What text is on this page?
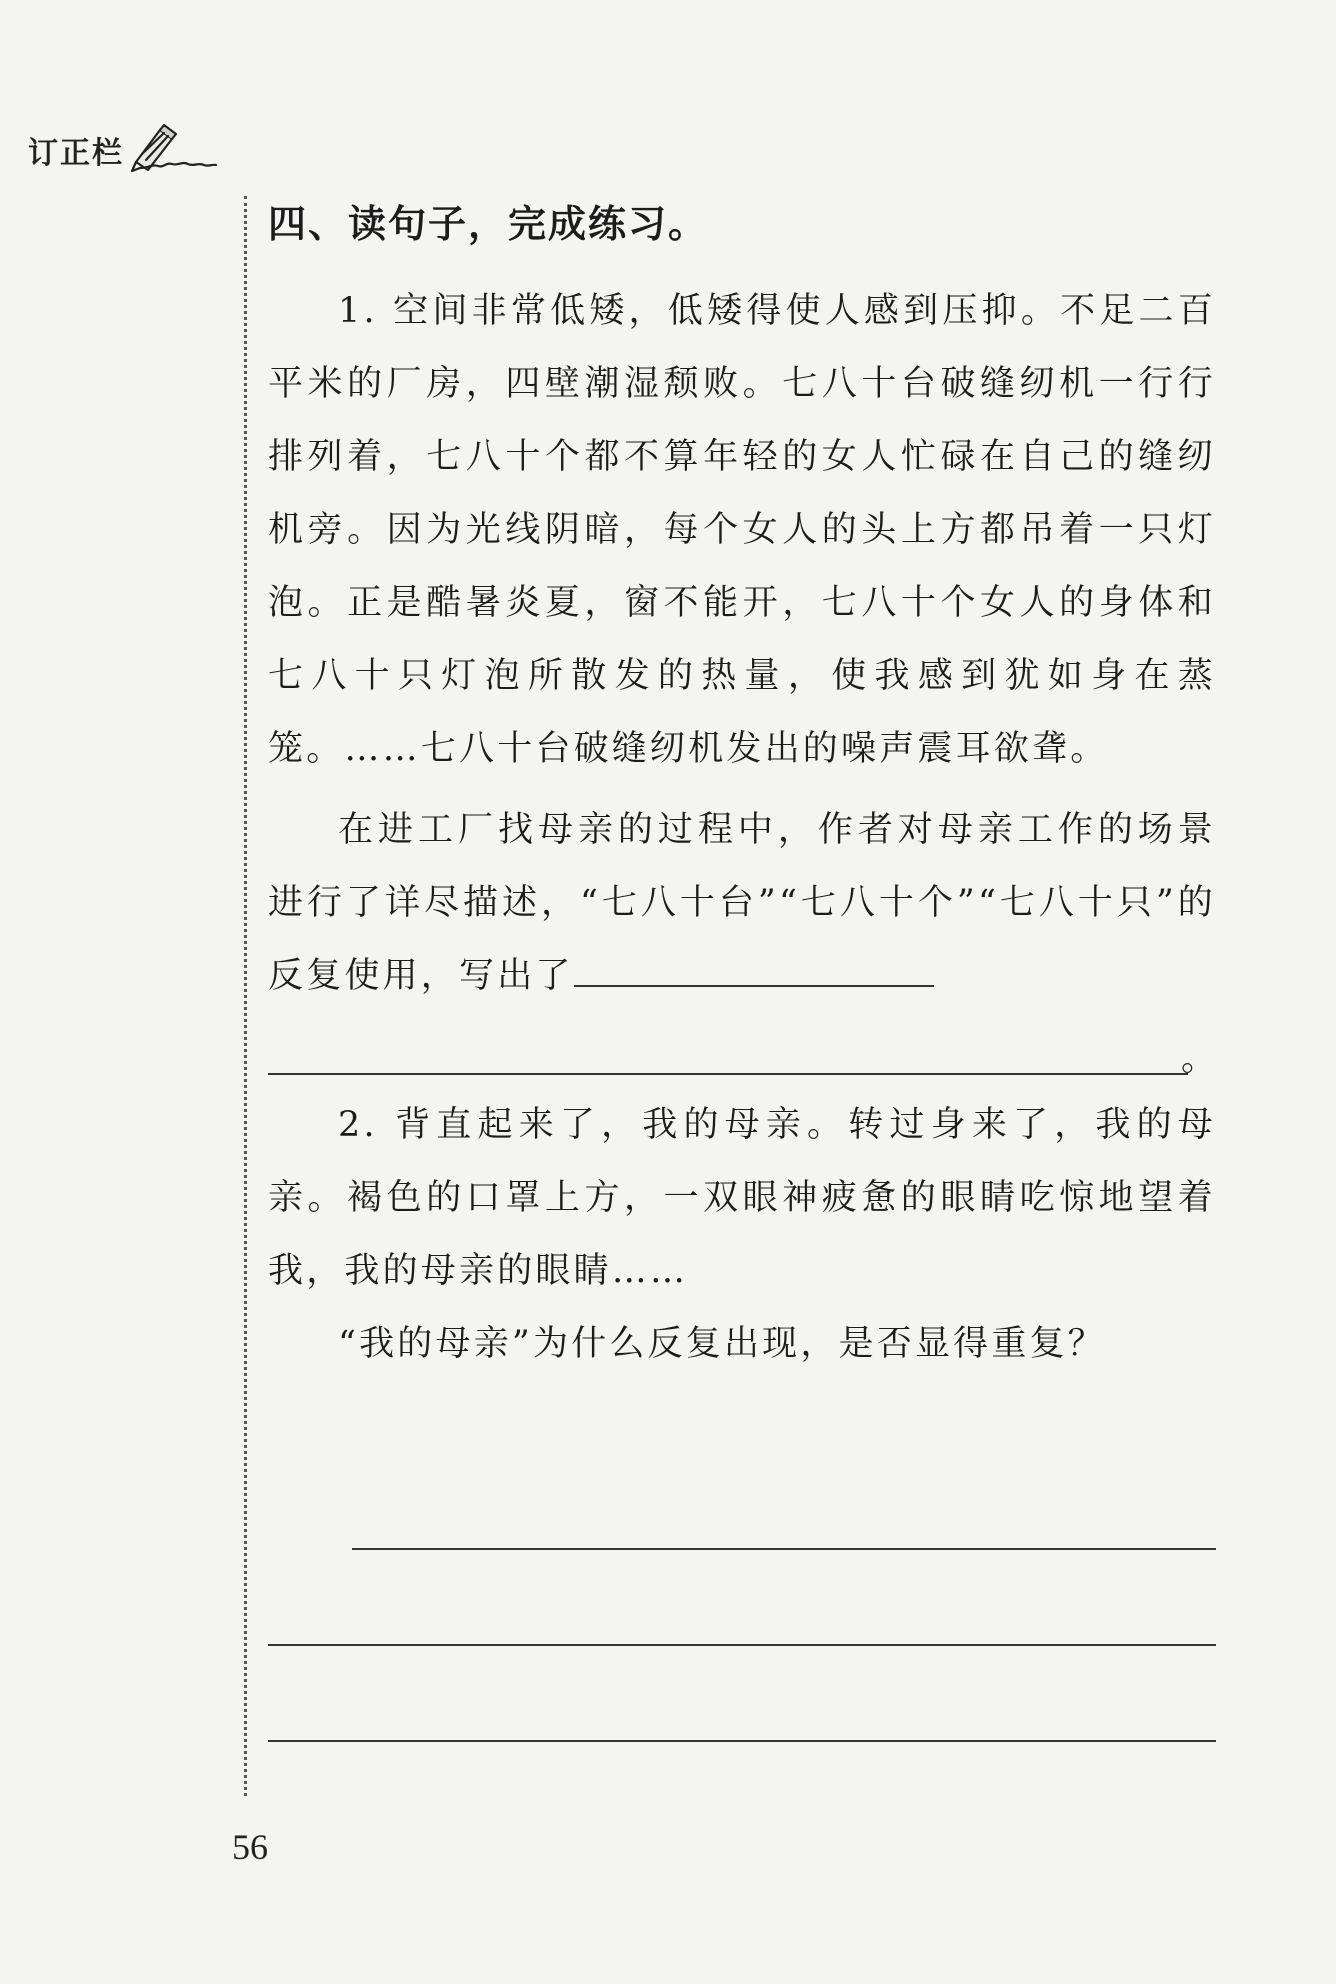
订正栏
四、读句子，完成练习。

1. 空间非常低矮，低矮得使人感到压抑。不足二百平米的厂房，四壁潮湿颓败。七八十台破缝纫机一行行排列着，七八十个都不算年轻的女人忙碌在自己的缝纫机旁。因为光线阴暗，每个女人的头上方都吊着一只灯泡。正是酷暑炎夏，窗不能开，七八十个女人的身体和七八十只灯泡所散发的热量，使我感到犹如身在蒸笼。……七八十台破缝纫机发出的噪声震耳欲聋。

在进工厂找母亲的过程中，作者对母亲工作的场景进行了详尽描述，“七八十台”“七八十个”“七八十只”的反复使用，写出了

。

2. 背直起来了，我的母亲。转过身来了，我的母亲。褐色的口罩上方，一双眼神疲惫的眼睛吃惊地望着我，我的母亲的眼睛……

“我的母亲”为什么反复出现，是否显得重复？

56
